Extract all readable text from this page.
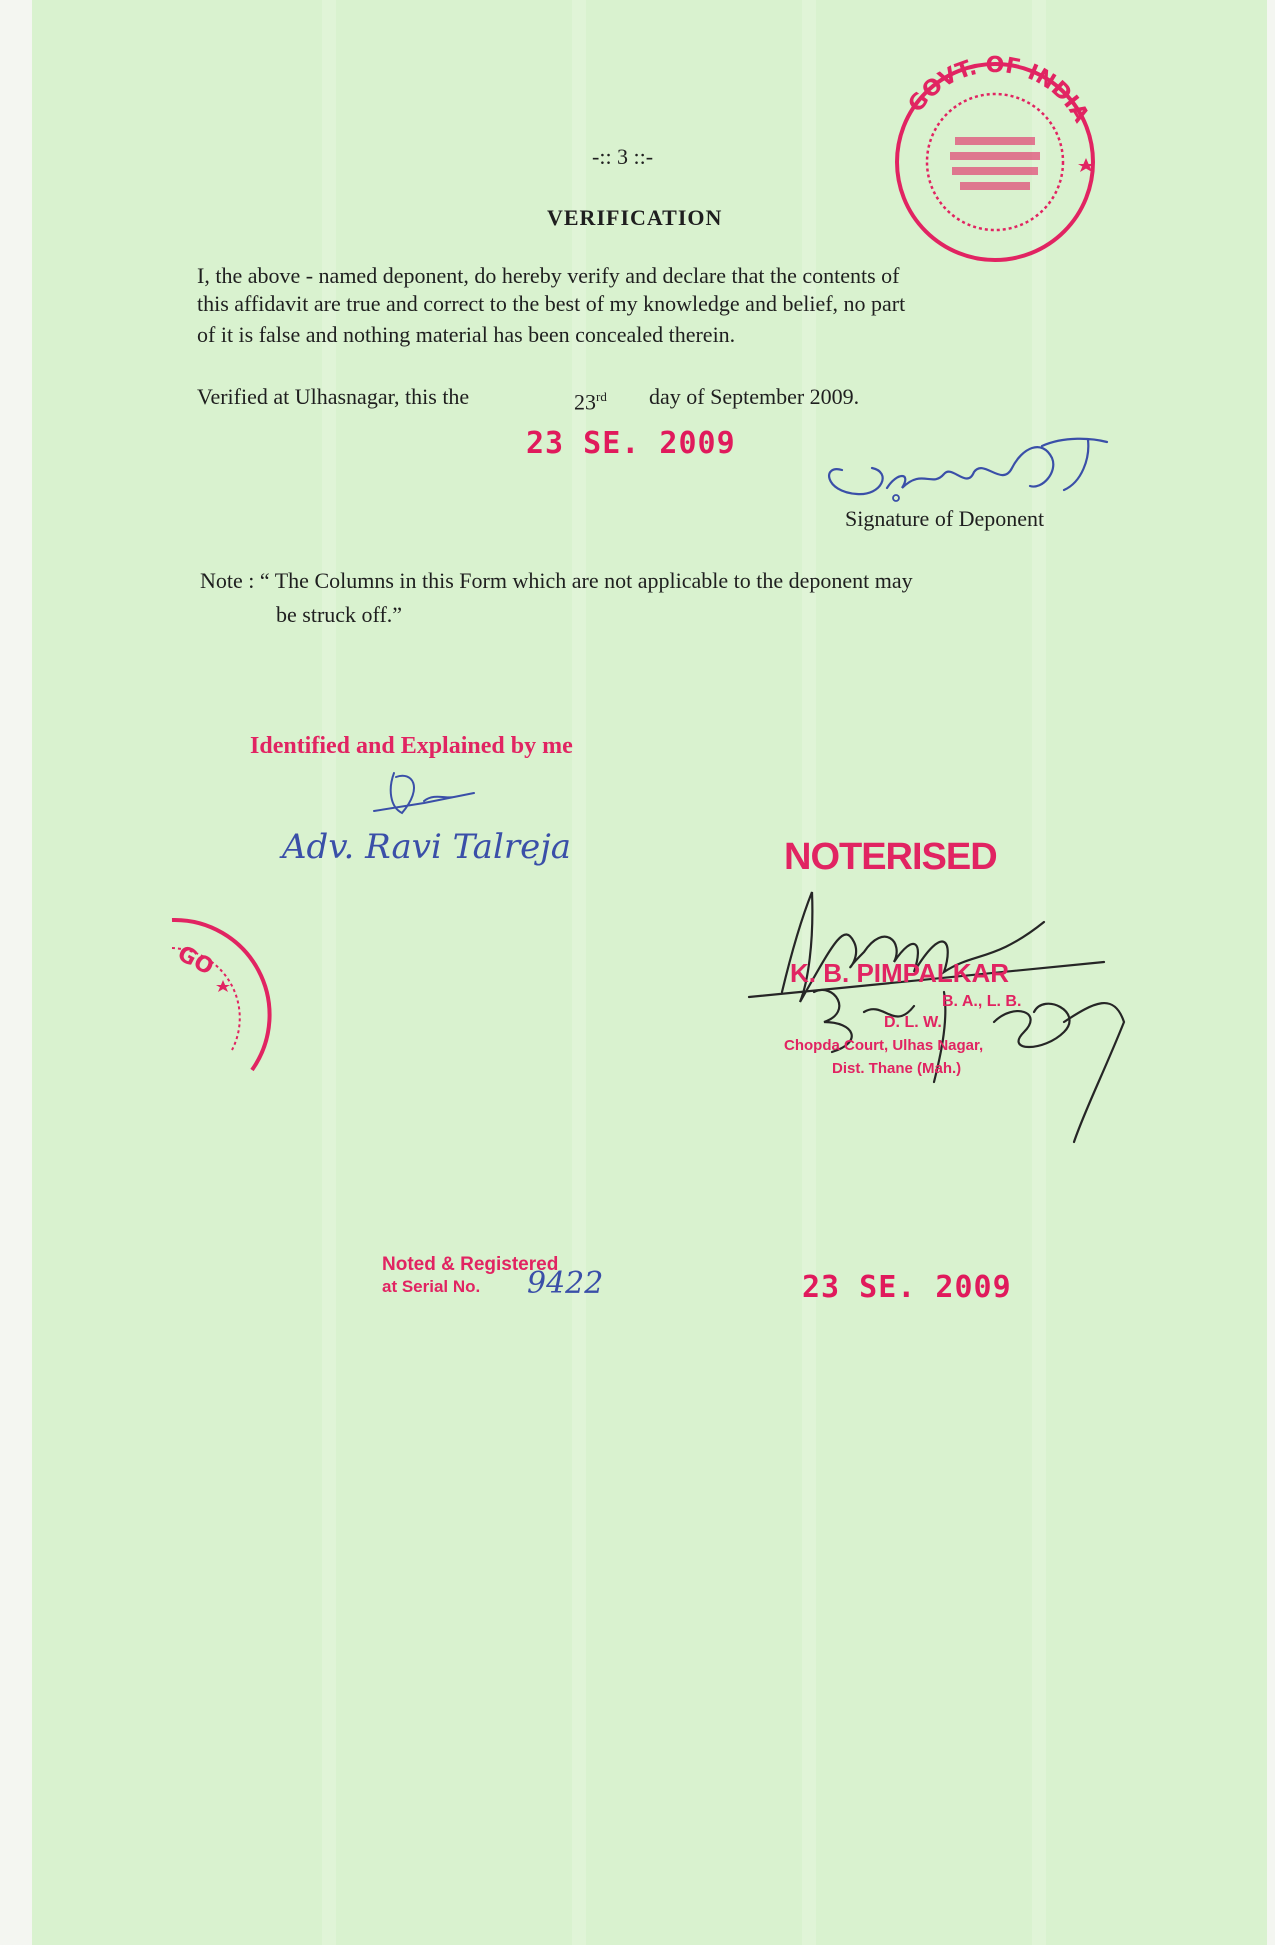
-:: 3 ::-
VERIFICATION
I, the above - named deponent, do hereby verify and declare that the contents of
this affidavit are true and correct to the best of my knowledge and belief, no part
of it is false and nothing material has been concealed therein.
Verified at Ulhasnagar, this the	23rd day of September 2009.
23 SE. 2009
Signature of Deponent
Note : “ The Columns in this Form which are not applicable to the deponent may
be struck off.”
GOVT. OF INDIA
Identified and Explained by me
Adv. Ravi Talreja
GO
NOTERISED
K. B. PIMPALKAR
B. A., L. B.
D. L. W.
Chopda Court, Ulhas Nagar,
Dist. Thane (Mah.)
Noted & Registered
at Serial No. 9422	23 SE. 2009
